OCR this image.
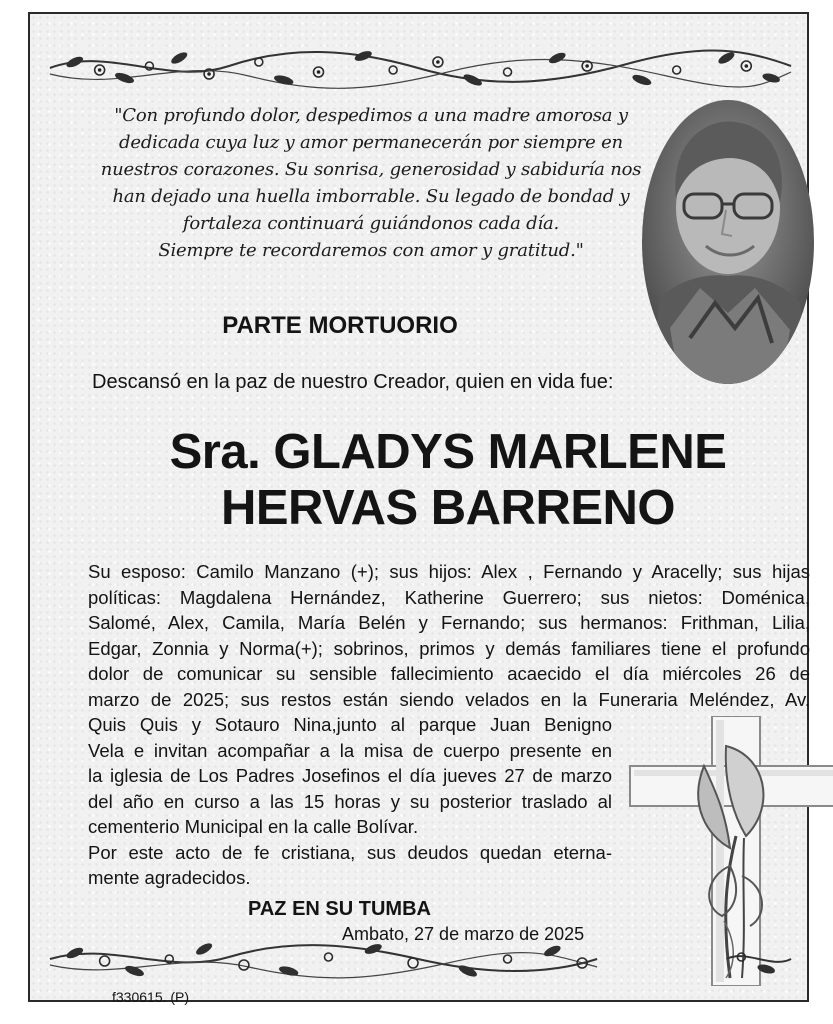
"Con profundo dolor, despedimos a una madre amorosa y
dedicada cuya luz y amor permanecerán por siempre en
nuestros corazones. Su sonrisa, generosidad y sabiduría nos
han dejado una huella imborrable. Su legado de bondad y
fortaleza continuará guiándonos cada día.
Siempre te recordaremos con amor y gratitud."
PARTE MORTUORIO
Descansó en la paz de nuestro Creador, quien en vida fue:
Sra. GLADYS MARLENE
HERVAS BARRENO
Su esposo: Camilo Manzano (+); sus hijos: Alex , Fernando y Aracelly; sus hijas
políticas: Magdalena Hernández, Katherine Guerrero; sus nietos: Doménica,
Salomé, Alex, Camila, María Belén y Fernando; sus hermanos: Frithman, Lilia,
Edgar, Zonnia y Norma(+); sobrinos, primos y demás familiares tiene el profundo
dolor de comunicar su sensible fallecimiento acaecido el día miércoles 26 de
marzo de 2025; sus restos están siendo velados en la Funeraria Meléndez, Av.
Quis Quis y Sotauro Nina,junto al parque Juan Benigno
Vela e invitan acompañar a la misa de cuerpo presente en
la iglesia de Los Padres Josefinos el día jueves 27 de marzo
del año en curso a las 15 horas y su posterior traslado al
cementerio Municipal en la calle Bolívar.
Por este acto de fe cristiana, sus deudos quedan eterna-
mente agradecidos.
PAZ EN SU TUMBA
Ambato, 27 de marzo de 2025
f330615. (P)
